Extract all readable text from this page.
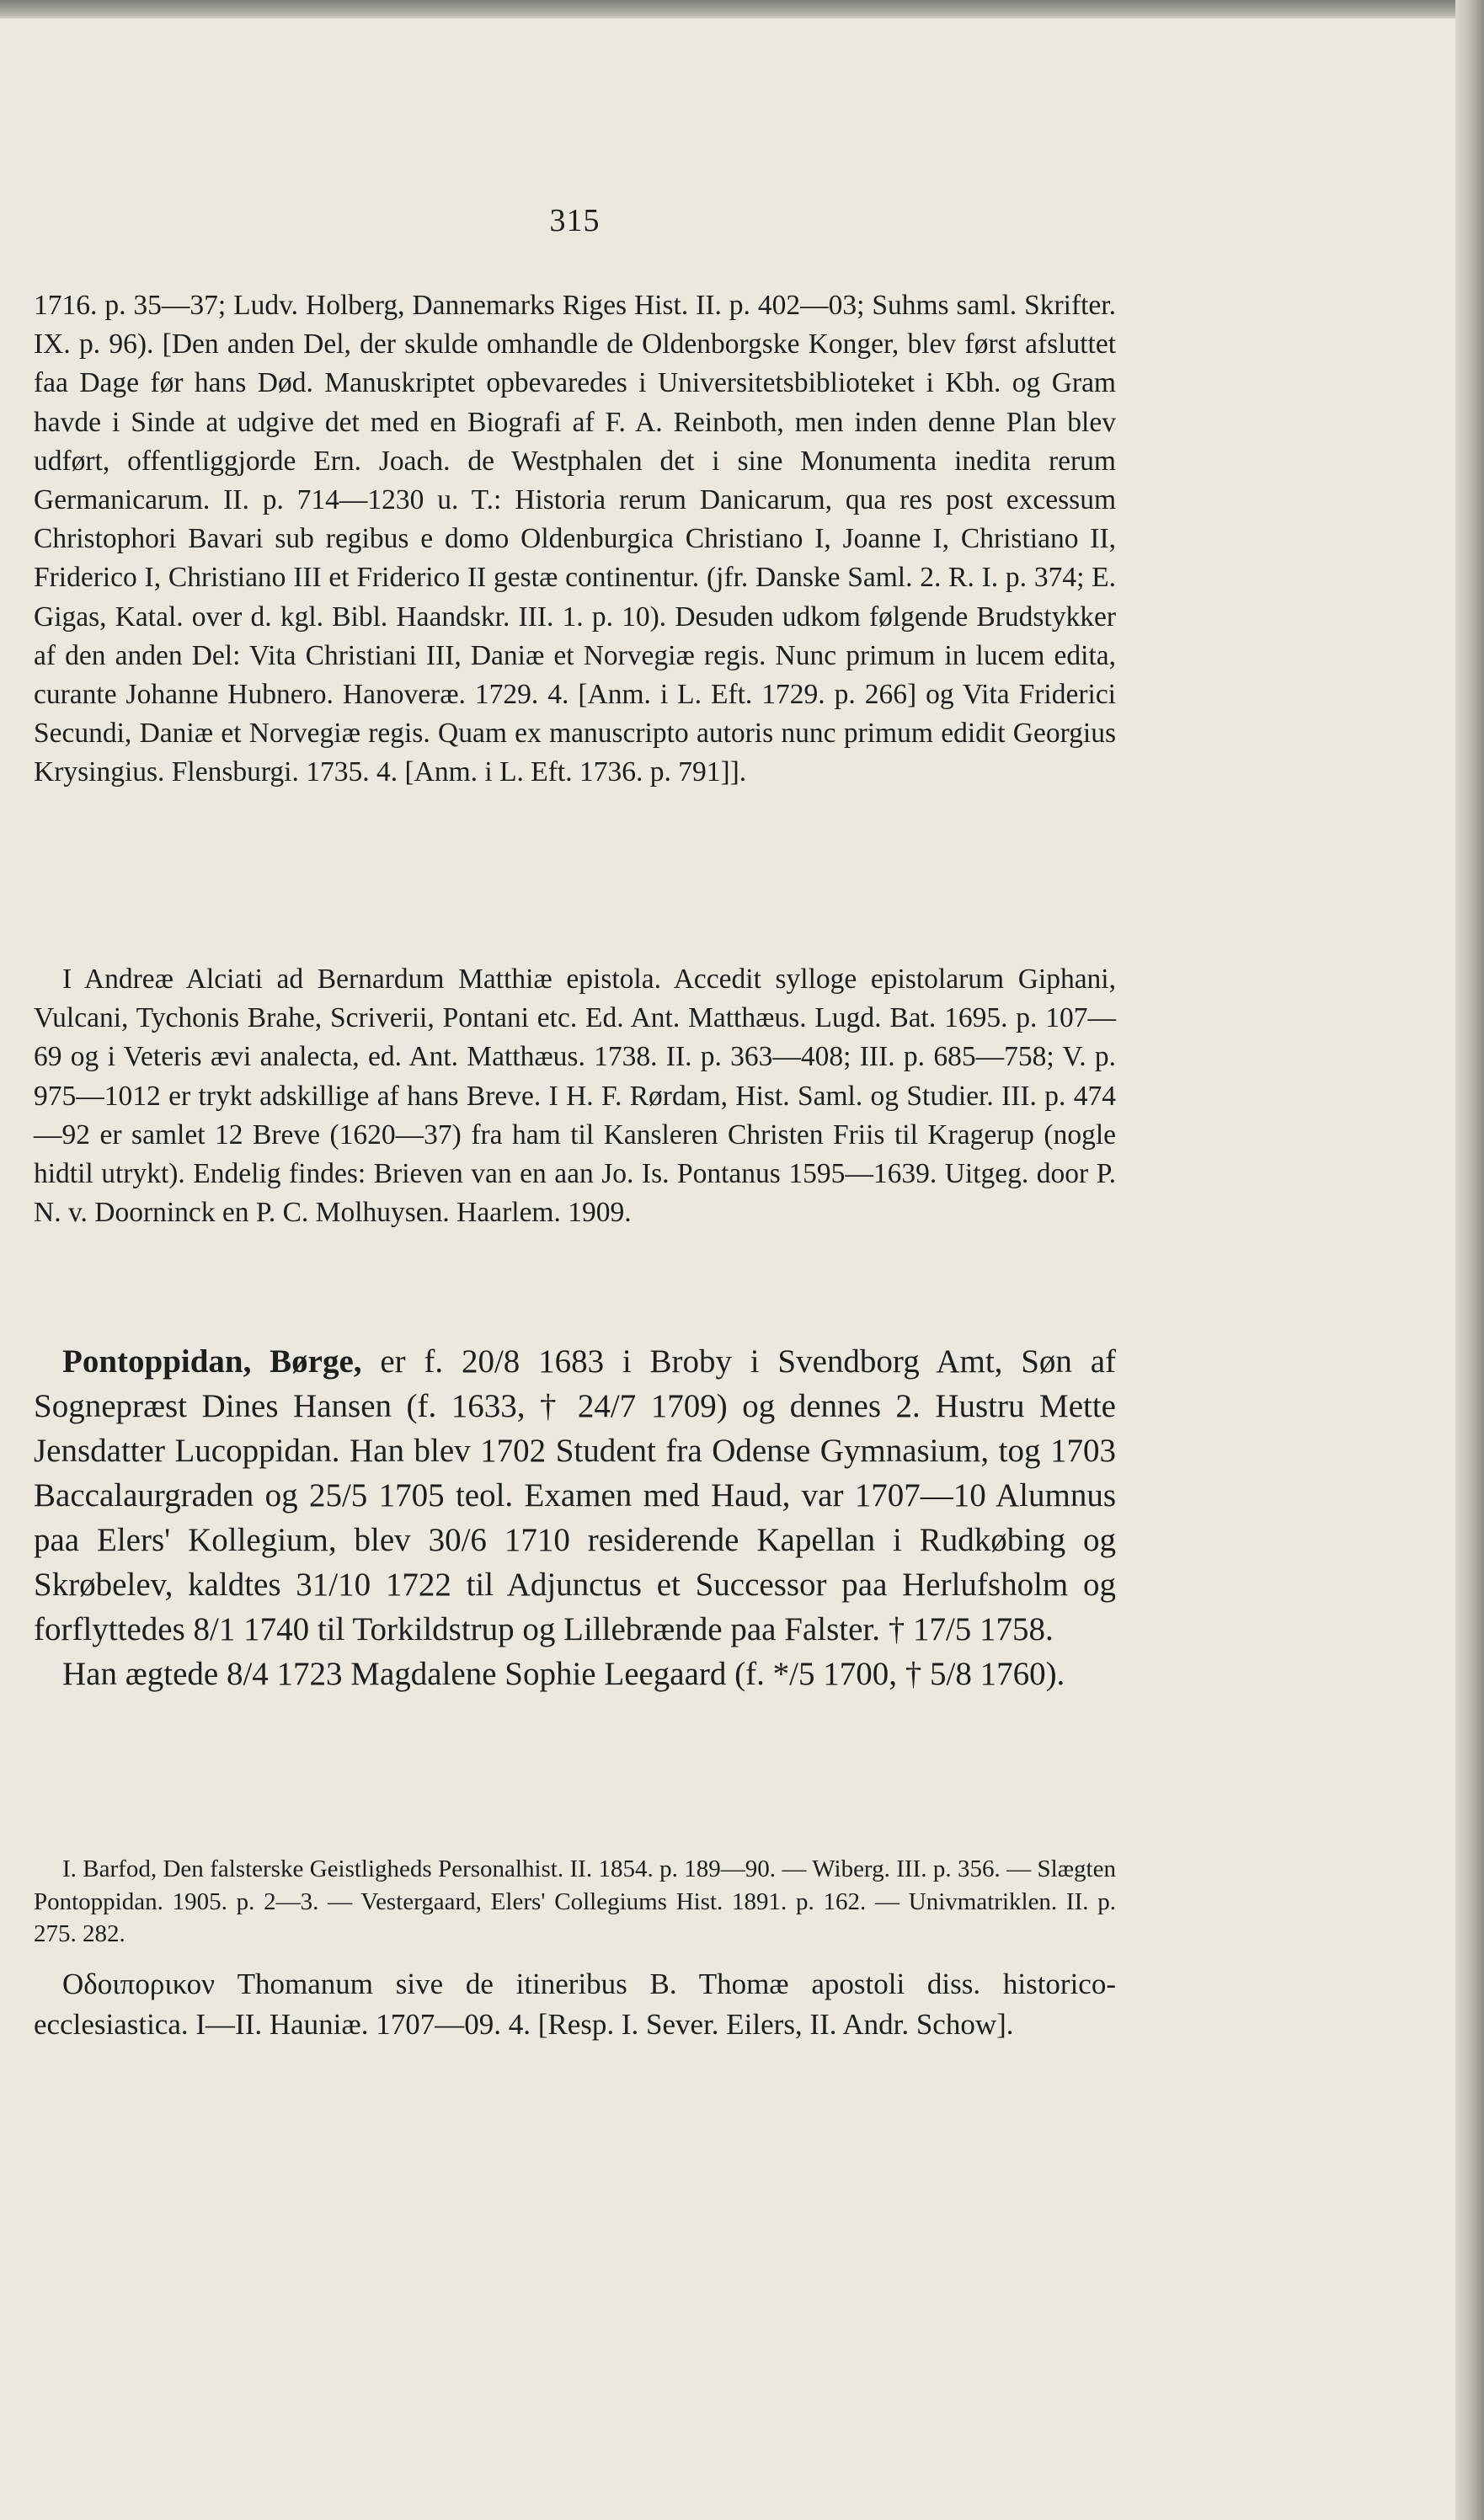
315

1716. p. 35—37; Ludv. Holberg, Dannemarks Riges Hist. II. p. 402—03; Suhms saml. Skrifter. IX. p. 96). [Den anden Del, der skulde omhandle de Oldenborgske Konger, blev først afsluttet faa Dage før hans Død. Manuskriptet opbevaredes i Universitetsbiblioteket i Kbh. og Gram havde i Sinde at udgive det med en Biografi af F. A. Reinboth, men inden denne Plan blev udført, offentliggjorde Ern. Joach. de Westphalen det i sine Monumenta inedita rerum Germanicarum. II. p. 714—1230 u. T.: Historia rerum Danicarum, qua res post excessum Christophori Bavari sub regibus e domo Oldenburgica Christiano I, Joanne I, Christiano II, Friderico I, Christiano III et Friderico II gestæ continentur. (jfr. Danske Saml. 2. R. I. p. 374; E. Gigas, Katal. over d. kgl. Bibl. Haandskr. III. 1. p. 10). Desuden udkom følgende Brudstykker af den anden Del: Vita Christiani III, Daniæ et Norvegiæ regis. Nunc primum in lucem edita, curante Johanne Hubnero. Hanoveræ. 1729. 4. [Anm. i L. Eft. 1729. p. 266] og Vita Friderici Secundi, Daniæ et Norvegiæ regis. Quam ex manuscripto autoris nunc primum edidit Georgius Krysingius. Flensburgi. 1735. 4. [Anm. i L. Eft. 1736. p. 791]].

I Andreæ Alciati ad Bernardum Matthiæ epistola. Accedit sylloge epistolarum Giphani, Vulcani, Tychonis Brahe, Scriverii, Pontani etc. Ed. Ant. Matthæus. Lugd. Bat. 1695. p. 107—69 og i Veteris ævi analecta, ed. Ant. Matthæus. 1738. II. p. 363—408; III. p. 685—758; V. p. 975—1012 er trykt adskillige af hans Breve. I H. F. Rørdam, Hist. Saml. og Studier. III. p. 474—92 er samlet 12 Breve (1620—37) fra ham til Kansleren Christen Friis til Kragerup (nogle hidtil utrykt). Endelig findes: Brieven van en aan Jo. Is. Pontanus 1595—1639. Uitgeg. door P. N. v. Doorninck en P. C. Molhuysen. Haarlem. 1909.

Pontoppidan, Børge, er f. 20/8 1683 i Broby i Svendborg Amt, Søn af Sognepræst Dines Hansen (f. 1633, † 24/7 1709) og dennes 2. Hustru Mette Jensdatter Lucoppidan. Han blev 1702 Student fra Odense Gymnasium, tog 1703 Baccalaurgraden og 25/5 1705 teol. Examen med Haud, var 1707—10 Alumnus paa Elers' Kollegium, blev 30/6 1710 residerende Kapellan i Rudkøbing og Skrøbelev, kaldtes 31/10 1722 til Adjunctus et Successor paa Herlufsholm og forflyttedes 8/1 1740 til Torkildstrup og Lillebrænde paa Falster. † 17/5 1758.

Han ægtede 8/4 1723 Magdalene Sophie Leegaard (f. */5 1700, † 5/8 1760).

I. Barfod, Den falsterske Geistligheds Personalhist. II. 1854. p. 189—90. — Wiberg. III. p. 356. — Slægten Pontoppidan. 1905. p. 2—3. — Vestergaard, Elers' Collegiums Hist. 1891. p. 162. — Univmatriklen. II. p. 275. 282.

Οδοιπορικον Thomanum sive de itineribus B. Thomæ apostoli diss. historico-ecclesiastica. I—II. Hauniæ. 1707—09. 4. [Resp. I. Sever. Eilers, II. Andr. Schow].
